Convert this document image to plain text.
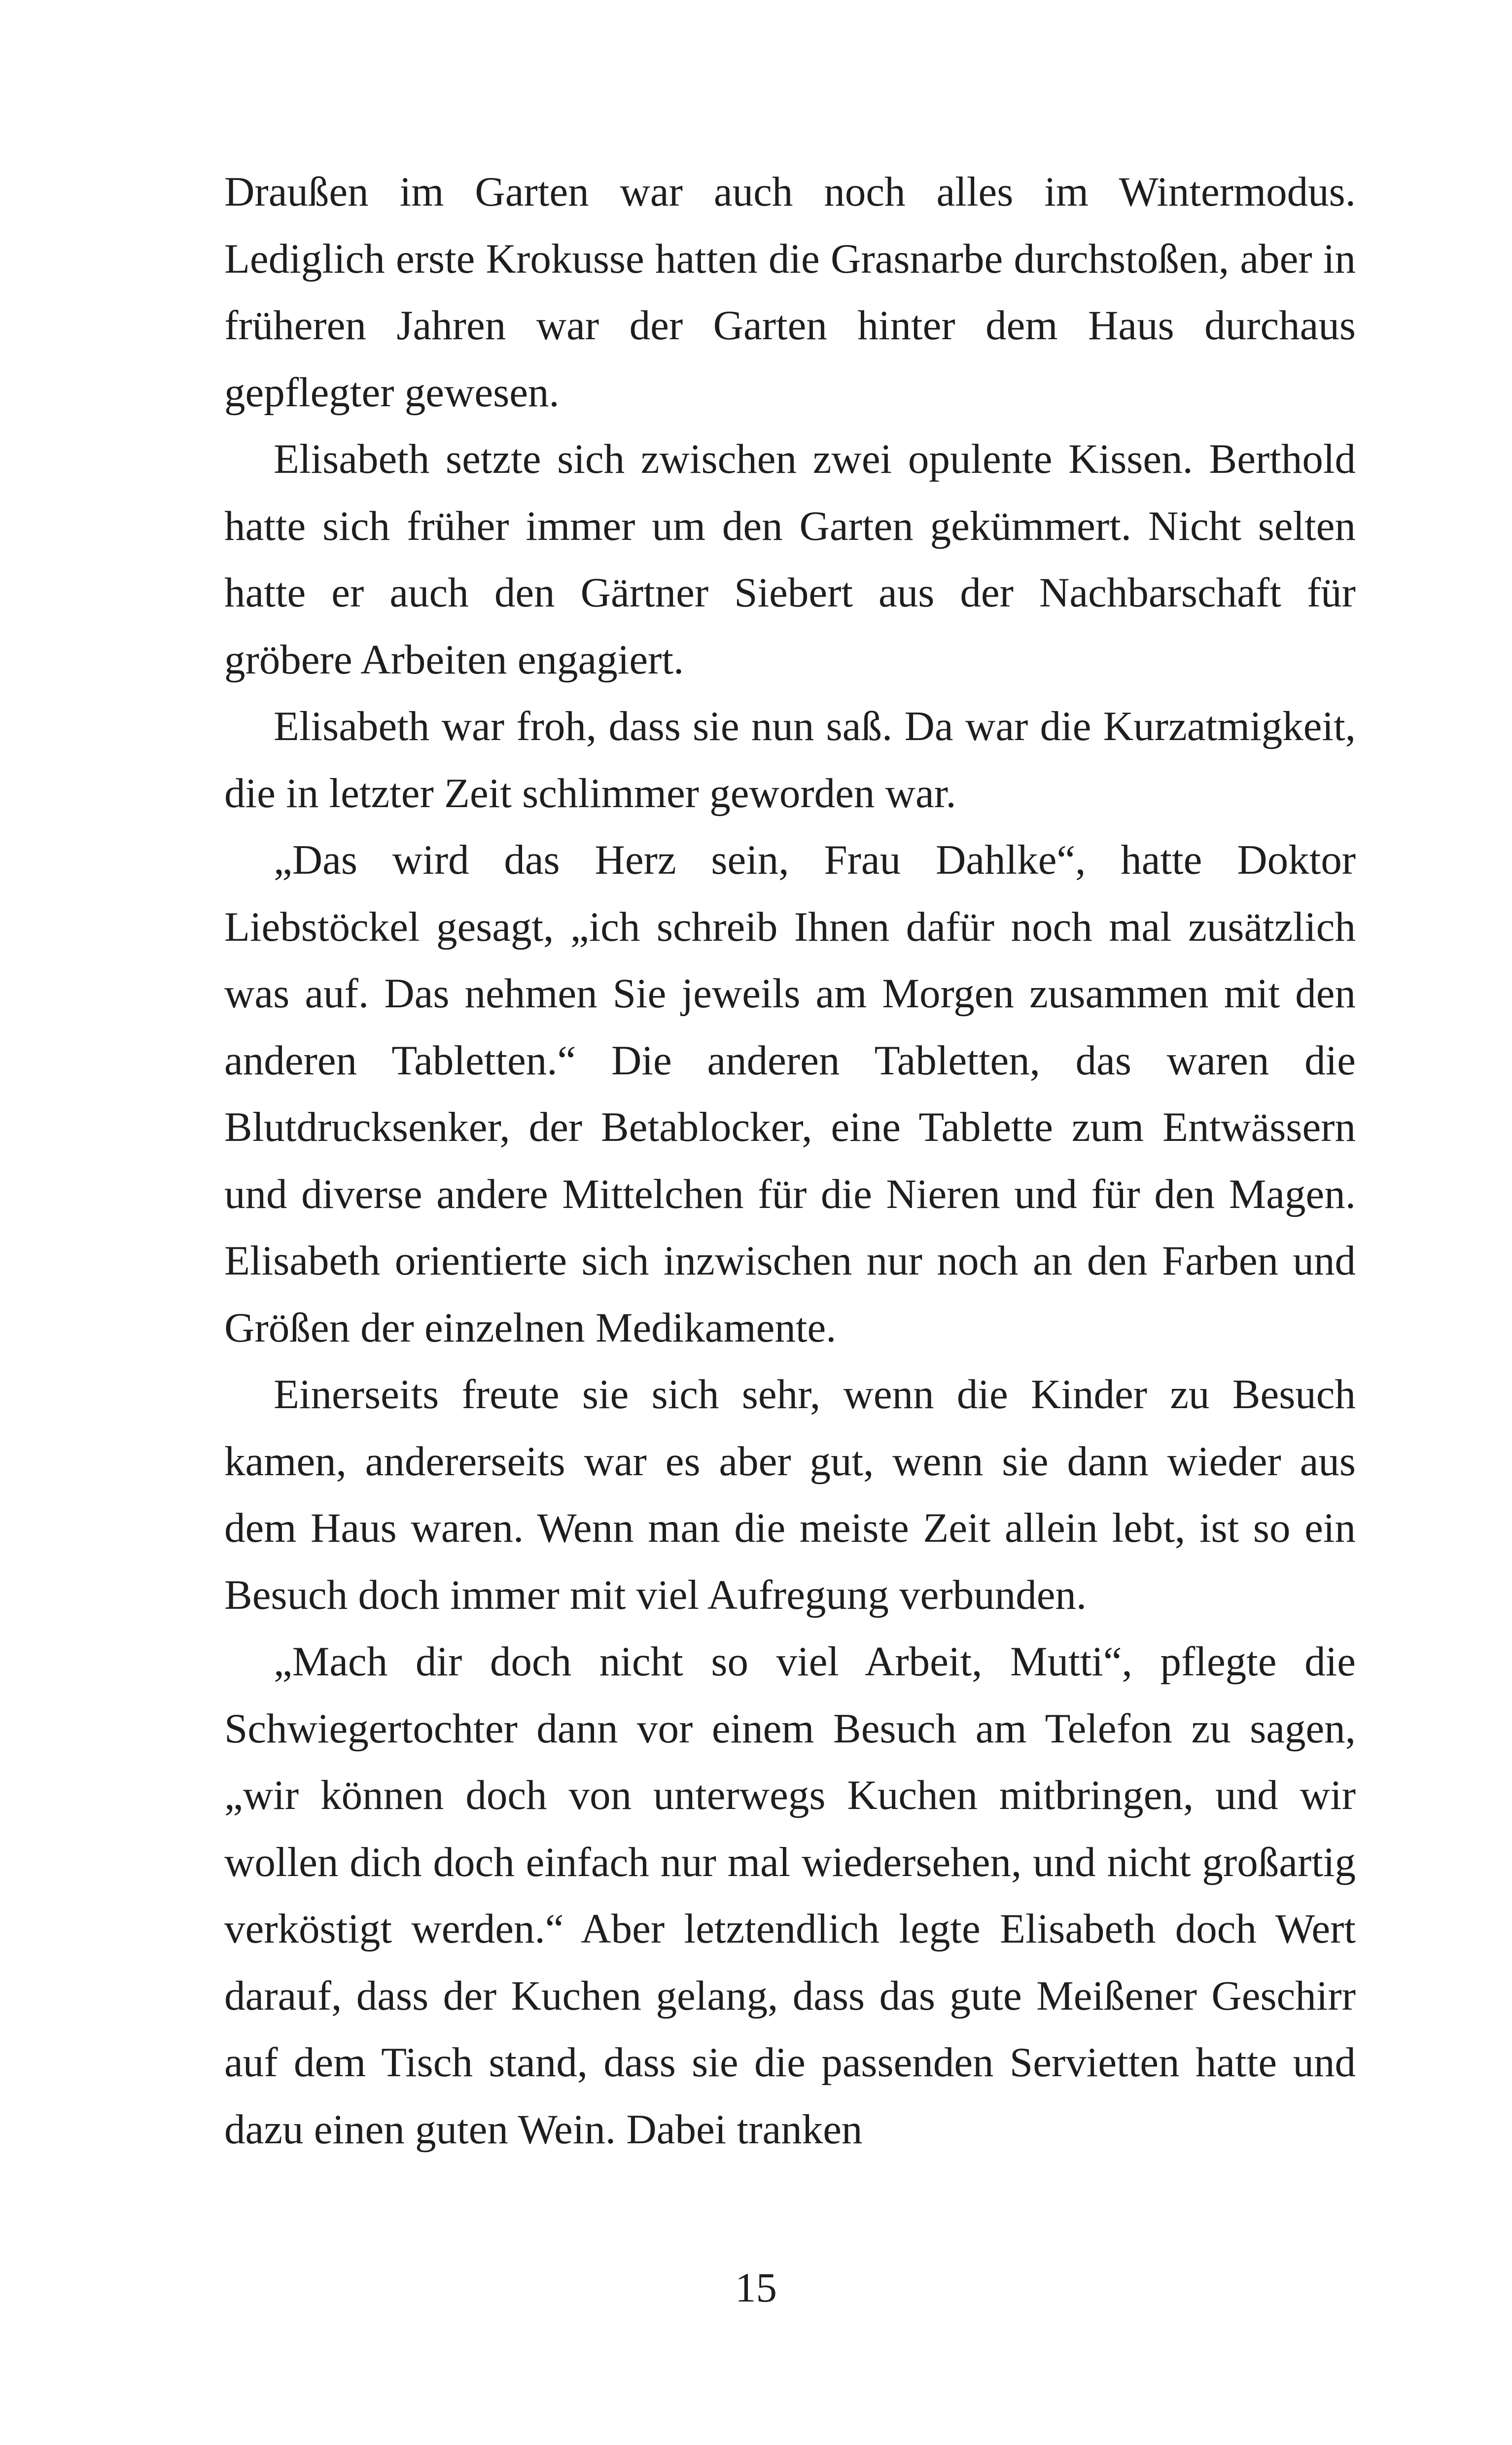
Draußen im Garten war auch noch alles im Wintermodus. Lediglich erste Krokusse hatten die Grasnarbe durchstoßen, aber in früheren Jahren war der Garten hinter dem Haus durchaus gepflegter gewesen.

Elisabeth setzte sich zwischen zwei opulente Kissen. Berthold hatte sich früher immer um den Garten gekümmert. Nicht selten hatte er auch den Gärtner Siebert aus der Nachbarschaft für gröbere Arbeiten engagiert.

Elisabeth war froh, dass sie nun saß. Da war die Kurzatmigkeit, die in letzter Zeit schlimmer geworden war.

„Das wird das Herz sein, Frau Dahlke“, hatte Doktor Liebstöckel gesagt, „ich schreib Ihnen dafür noch mal zusätzlich was auf. Das nehmen Sie jeweils am Morgen zusammen mit den anderen Tabletten.“ Die anderen Tabletten, das waren die Blutdrucksenker, der Betablocker, eine Tablette zum Entwässern und diverse andere Mittelchen für die Nieren und für den Magen. Elisabeth orientierte sich inzwischen nur noch an den Farben und Größen der einzelnen Medikamente.

Einerseits freute sie sich sehr, wenn die Kinder zu Besuch kamen, andererseits war es aber gut, wenn sie dann wieder aus dem Haus waren. Wenn man die meiste Zeit allein lebt, ist so ein Besuch doch immer mit viel Aufregung verbunden.

„Mach dir doch nicht so viel Arbeit, Mutti“, pflegte die Schwiegertochter dann vor einem Besuch am Telefon zu sagen, „wir können doch von unterwegs Kuchen mitbringen, und wir wollen dich doch einfach nur mal wiedersehen, und nicht großartig verköstigt werden.“ Aber letztendlich legte Elisabeth doch Wert darauf, dass der Kuchen gelang, dass das gute Meißener Geschirr auf dem Tisch stand, dass sie die passenden Servietten hatte und dazu einen guten Wein. Dabei tranken

15
